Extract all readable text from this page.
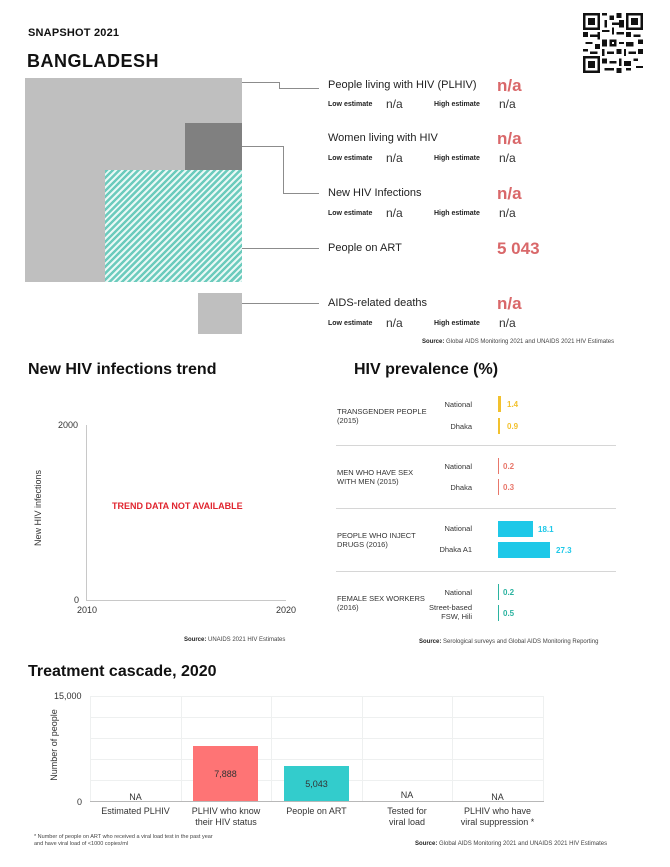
SNAPSHOT 2021
BANGLADESH
People living with HIV (PLHIV) n/a
Low estimate n/a	High estimate n/a
Women living with HIV	n/a
Low estimate n/a	High estimate n/a
New HIV Infections	n/a
Low estimate n/a	High estimate n/a
People on ART	5 043
AIDS-related deaths	n/a
Low estimate n/a	High estimate n/a
Source: Global AIDS Monitoring 2021 and UNAIDS 2021 HIV Estimates
New HIV infections trend
2000
0
2010	2020
New HIV infections	TREND DATA NOT AVAILABLE
Source: UNAIDS 2021 HIV Estimates
HIV prevalence (%)
TRANSGENDER PEOPLE (2015)
National	1.4
Dhaka	0.9
MEN WHO HAVE SEX WITH MEN (2015)
National	0.2
Dhaka	0.3
PEOPLE WHO INJECT DRUGS (2016)
National	18.1
Dhaka A1	27.3
FEMALE SEX WORKERS (2016)
National	0.2
Street-based FSW, Hili	0.5
Source: Serological surveys and Global AIDS Monitoring Reporting
Treatment cascade, 2020
15,000
0
Number of people
NA
7,888
5,043
NA	NA
Estimated PLHIV	PLHIV who know their HIV status
People on ART	Tested for viral load
PLHIV who have viral suppression *
* Number of people on ART who received a viral load test in the past year
and have viral load of <1000 copies/ml	Source: Global AIDS Monitoring 2021 and UNAIDS 2021 HIV Estimates
